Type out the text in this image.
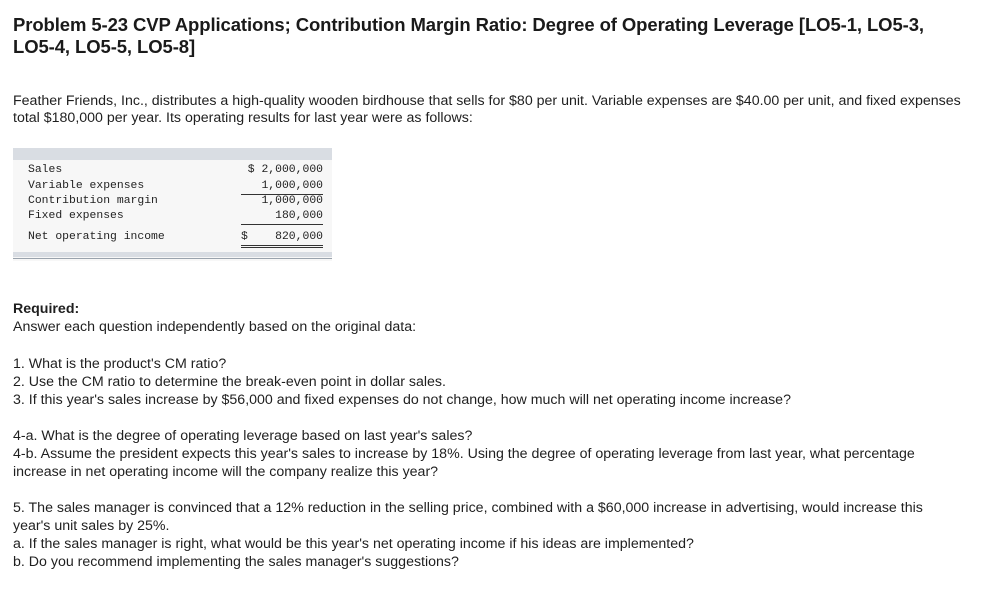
Problem 5-23 CVP Applications; Contribution Margin Ratio: Degree of Operating Leverage [LO5-1, LO5-3, LO5-4, LO5-5, LO5-8]
Feather Friends, Inc., distributes a high-quality wooden birdhouse that sells for $80 per unit. Variable expenses are $40.00 per unit, and fixed expenses total $180,000 per year. Its operating results for last year were as follows:
Sales	$ 2,000,000
Variable expenses	1,000,000
Contribution margin	1,000,000
Fixed expenses	180,000
Net operating income	$ 820,000
Required:
Answer each question independently based on the original data:
1. What is the product's CM ratio?
2. Use the CM ratio to determine the break-even point in dollar sales.
3. If this year's sales increase by $56,000 and fixed expenses do not change, how much will net operating income increase?
4-a. What is the degree of operating leverage based on last year's sales?
4-b. Assume the president expects this year's sales to increase by 18%. Using the degree of operating leverage from last year, what percentage increase in net operating income will the company realize this year?
5. The sales manager is convinced that a 12% reduction in the selling price, combined with a $60,000 increase in advertising, would increase this year's unit sales by 25%.
a. If the sales manager is right, what would be this year's net operating income if his ideas are implemented?
b. Do you recommend implementing the sales manager's suggestions?
